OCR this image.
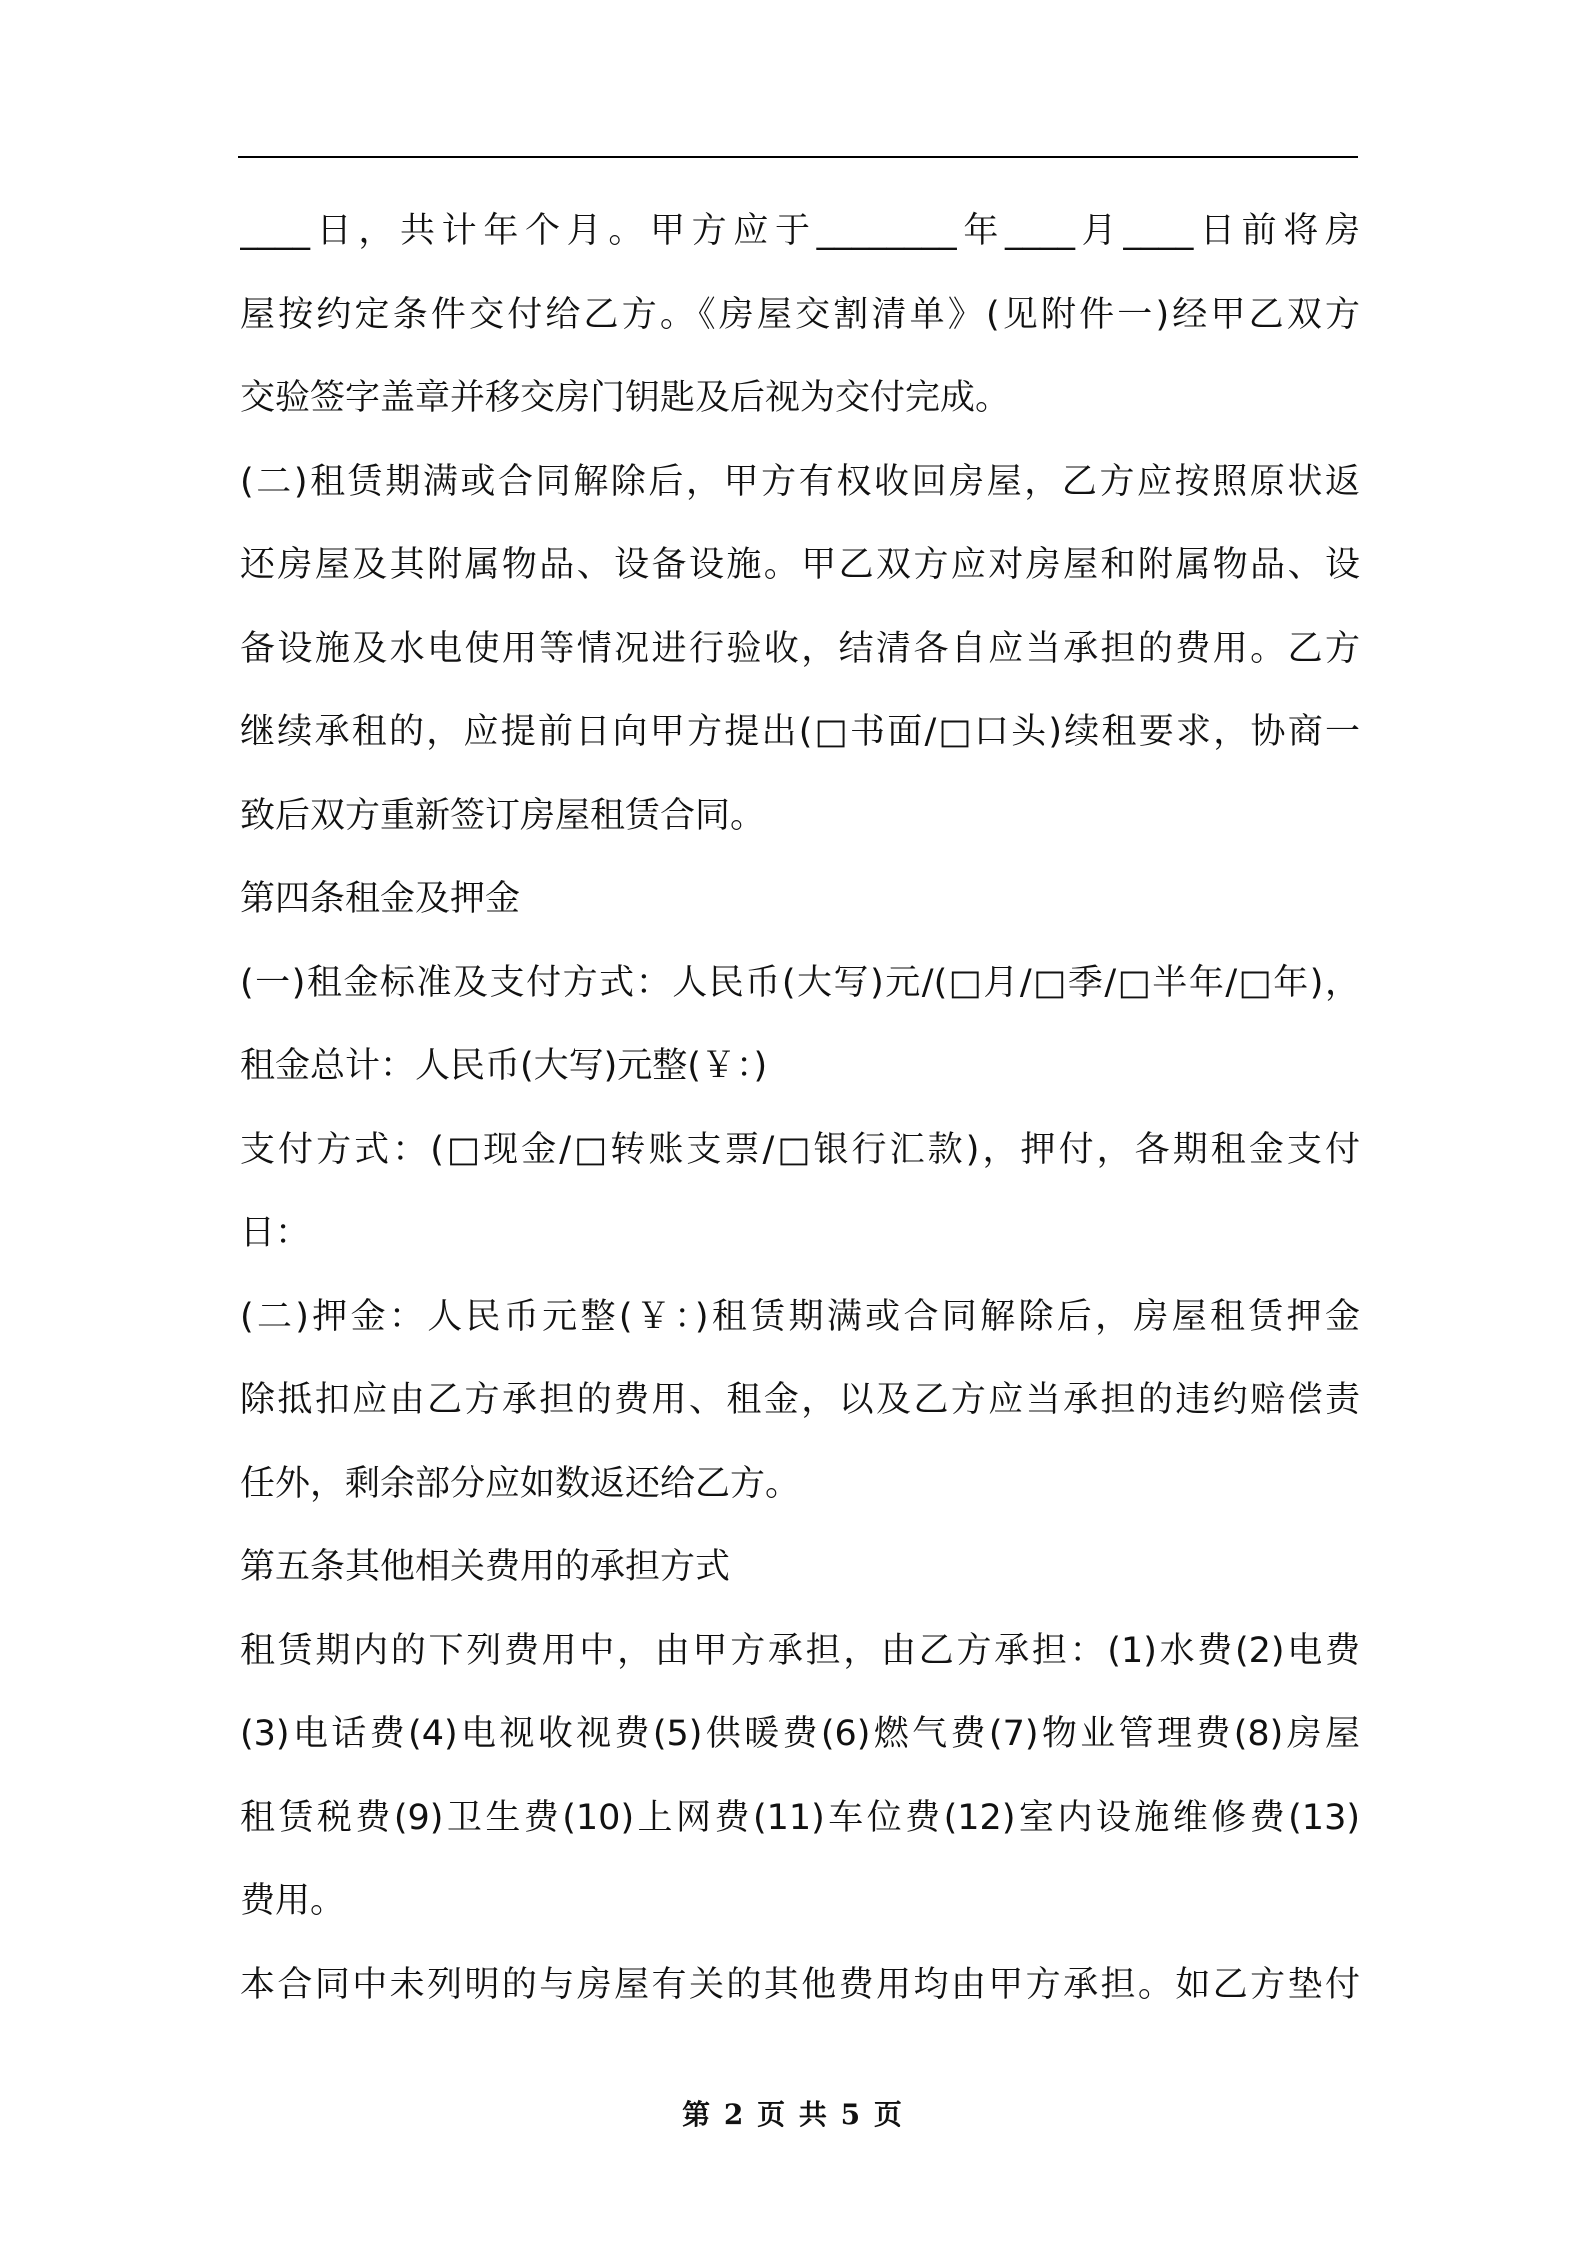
____日，共计年个月。甲方应于________年____月____日前将房
屋按约定条件交付给乙方。《房屋交割清单》(见附件一)经甲乙双方
交验签字盖章并移交房门钥匙及后视为交付完成。
(二)租赁期满或合同解除后，甲方有权收回房屋，乙方应按照原状返
还房屋及其附属物品、设备设施。甲乙双方应对房屋和附属物品、设
备设施及水电使用等情况进行验收，结清各自应当承担的费用。乙方
继续承租的，应提前日向甲方提出(□书面/□口头)续租要求，协商一
致后双方重新签订房屋租赁合同。
第四条租金及押金
(一)租金标准及支付方式：人民币(大写)元/(□月/□季/□半年/□年)，
租金总计：人民币(大写)元整(￥：)
支付方式：(□现金/□转账支票/□银行汇款)，押付，各期租金支付
日：
(二)押金：人民币元整(￥：)租赁期满或合同解除后，房屋租赁押金
除抵扣应由乙方承担的费用、租金，以及乙方应当承担的违约赔偿责
任外，剩余部分应如数返还给乙方。
第五条其他相关费用的承担方式
租赁期内的下列费用中，由甲方承担，由乙方承担：(1)水费(2)电费
(3)电话费(4)电视收视费(5)供暖费(6)燃气费(7)物业管理费(8)房屋
租赁税费(9)卫生费(10)上网费(11)车位费(12)室内设施维修费(13)
费用。
本合同中未列明的与房屋有关的其他费用均由甲方承担。如乙方垫付
第 2 页 共 5 页
